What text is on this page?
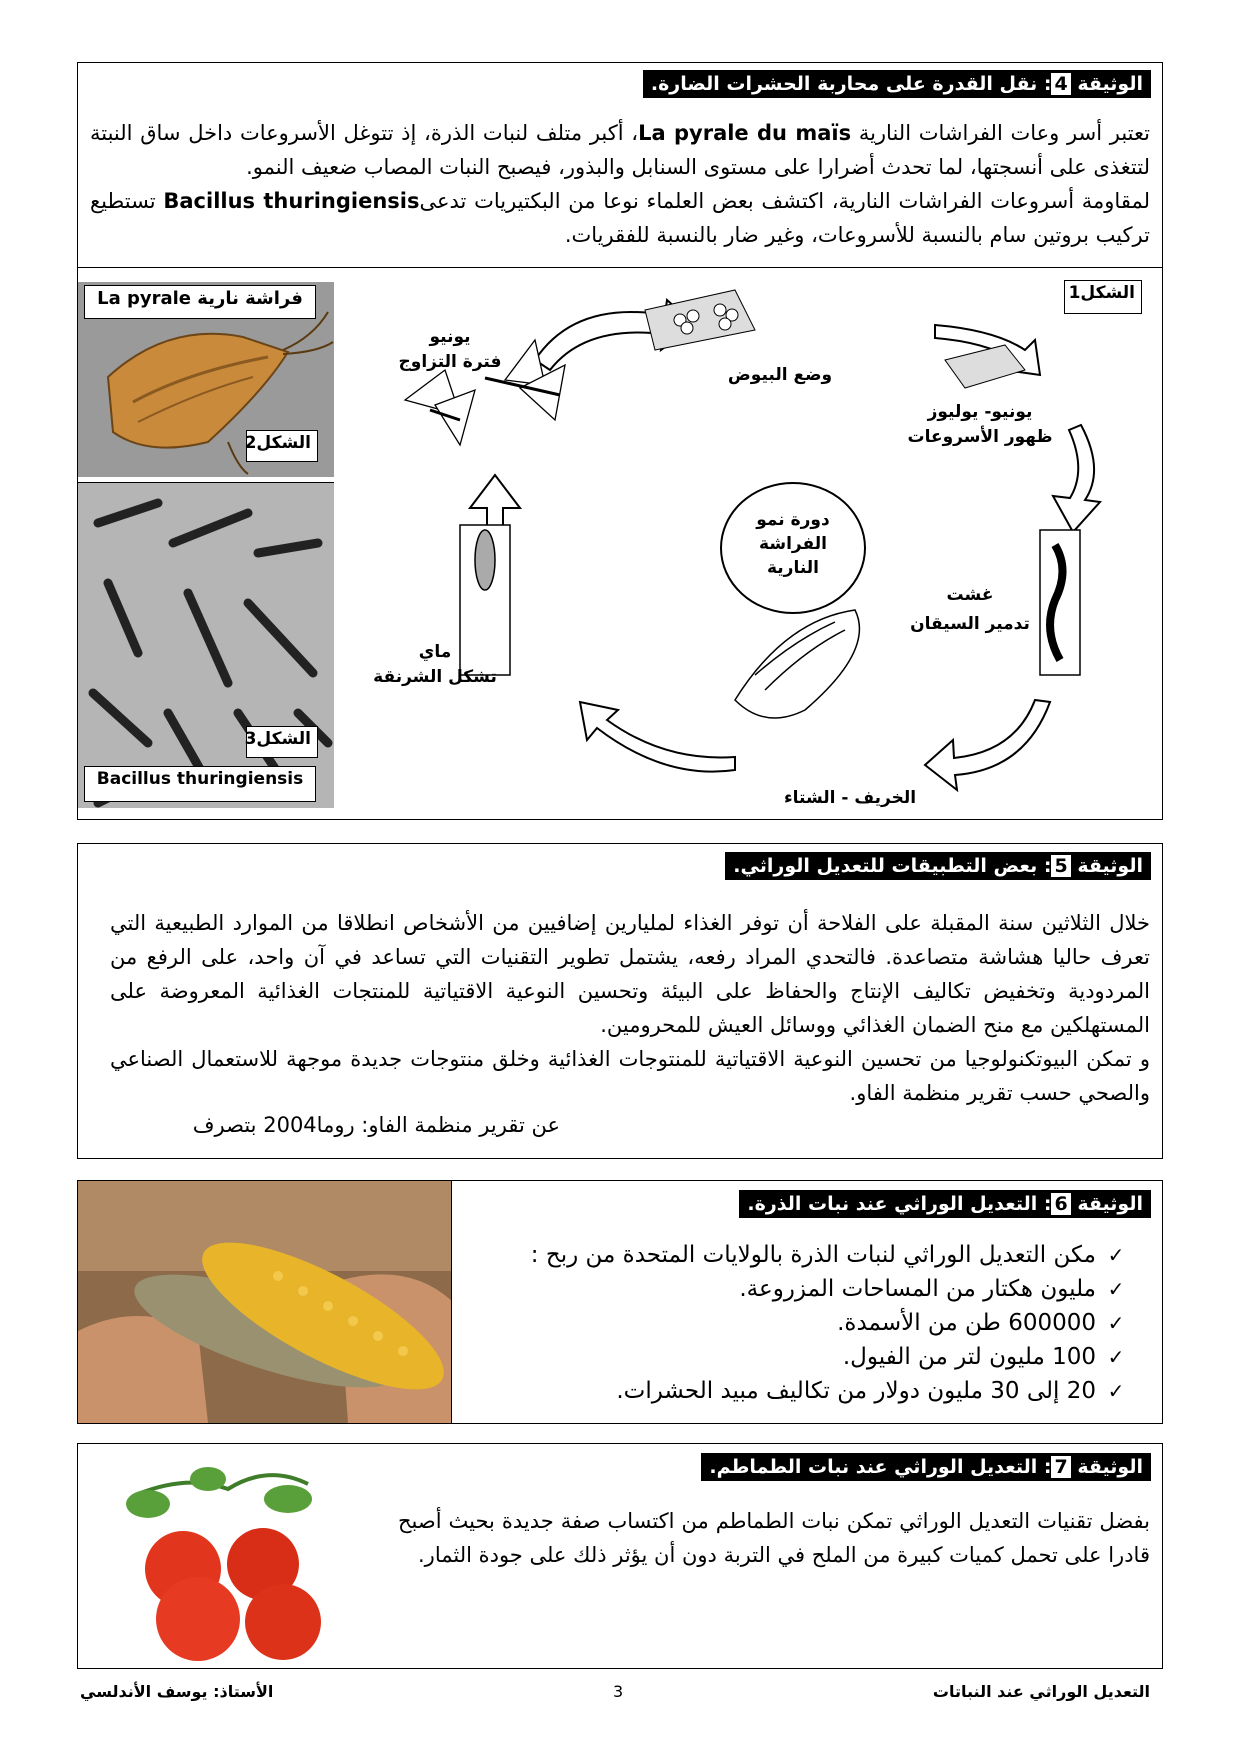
الوثيقة 4: نقل القدرة على محاربة الحشرات الضارة.
تعتبر أسر وعات الفراشات النارية La pyrale du maïs، أكبر متلف لنبات الذرة، إذ تتوغل الأسروعات داخل ساق النبتة لتتغذى على أنسجتها، لما تحدث أضرارا على مستوى السنابل والبذور، فيصبح النبات المصاب ضعيف النمو.
لمقاومة أسروعات الفراشات النارية، اكتشف بعض العلماء نوعا من البكتيريات تدعىBacillus thuringiensis تستطيع تركيب بروتين سام بالنسبة للأسروعات، وغير ضار بالنسبة للفقريات.
فراشة نارية La pyrale
الشكل2
الشكل3
Bacillus thuringiensis
الشكل1
دورة نمو الفراشة النارية
يونيو
فترة التزاوج
وضع البيوض
يونيو- يوليوز
ظهور الأسروعات
غشت
تدمير السيقان
الخريف - الشتاء
ماي
تشكل الشرنقة
الوثيقة 5: بعض التطبيقات للتعديل الوراثي.
خلال الثلاثين سنة المقبلة على الفلاحة أن توفر الغذاء لمليارين إضافيين من الأشخاص انطلاقا من الموارد الطبيعية التي تعرف حاليا هشاشة متصاعدة. فالتحدي المراد رفعه، يشتمل تطوير التقنيات التي تساعد في آن واحد، على الرفع من المردودية وتخفيض تكاليف الإنتاج والحفاظ على البيئة وتحسين النوعية الاقتياتية للمنتجات الغذائية المعروضة على المستهلكين مع منح الضمان الغذائي ووسائل العيش للمحرومين.
و تمكن البيوتكنولوجيا من تحسين النوعية الاقتياتية للمنتوجات الغذائية وخلق منتوجات جديدة موجهة للاستعمال الصناعي والصحي حسب تقرير منظمة الفاو.
عن تقرير منظمة الفاو: روما2004 بتصرف
الوثيقة 6: التعديل الوراثي عند نبات الذرة.
✓مكن التعديل الوراثي لنبات الذرة بالولايات المتحدة من ربح :
✓مليون هكتار من المساحات المزروعة.
✓600000 طن من الأسمدة.
✓100 مليون لتر من الفيول.
✓20 إلى 30 مليون دولار من تكاليف مبيد الحشرات.
الوثيقة 7: التعديل الوراثي عند نبات الطماطم.
بفضل تقنيات التعديل الوراثي تمكن نبات الطماطم من اكتساب صفة جديدة بحيث أصبح قادرا على تحمل كميات كبيرة من الملح في التربة دون أن يؤثر ذلك على جودة الثمار.
التعديل الوراثي عند النباتات
3
الأستاذ: يوسف الأندلسي
